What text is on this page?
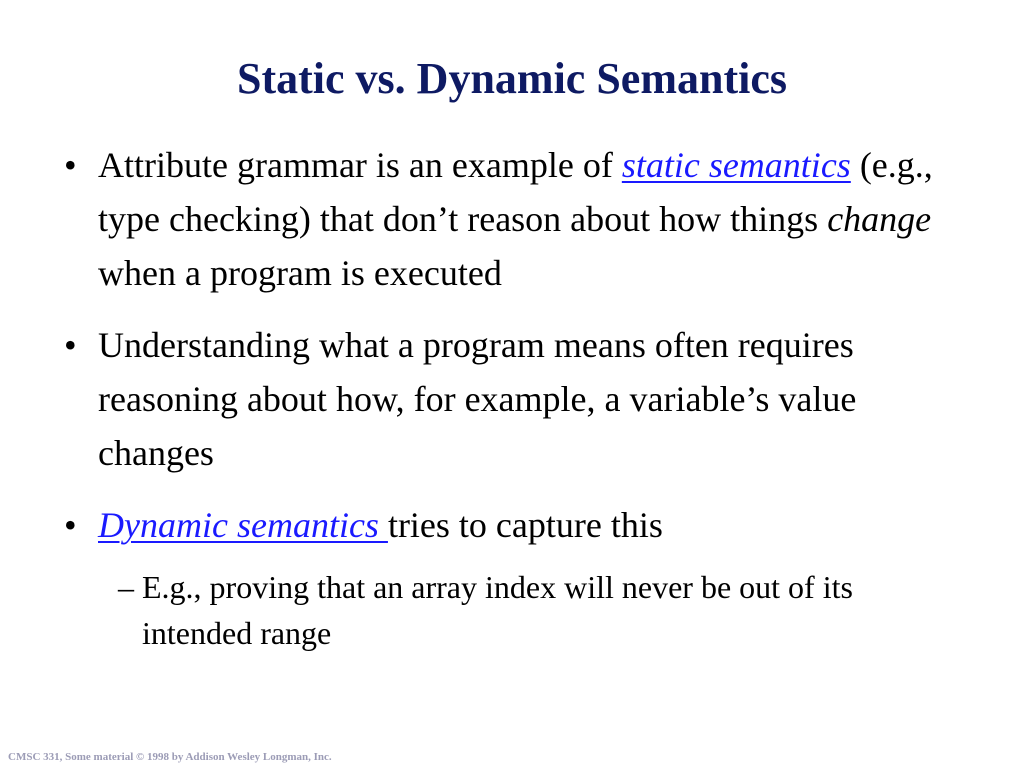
Static vs. Dynamic Semantics
• Attribute grammar is an example of static semantics (e.g., type checking) that don’t reason about how things change when a program is executed
• Understanding what a program means often requires reasoning about how, for example, a variable’s value changes
• Dynamic semantics tries to capture this
– E.g., proving that an array index will never be out of its intended range
CMSC 331, Some material © 1998 by Addison Wesley Longman, Inc.
